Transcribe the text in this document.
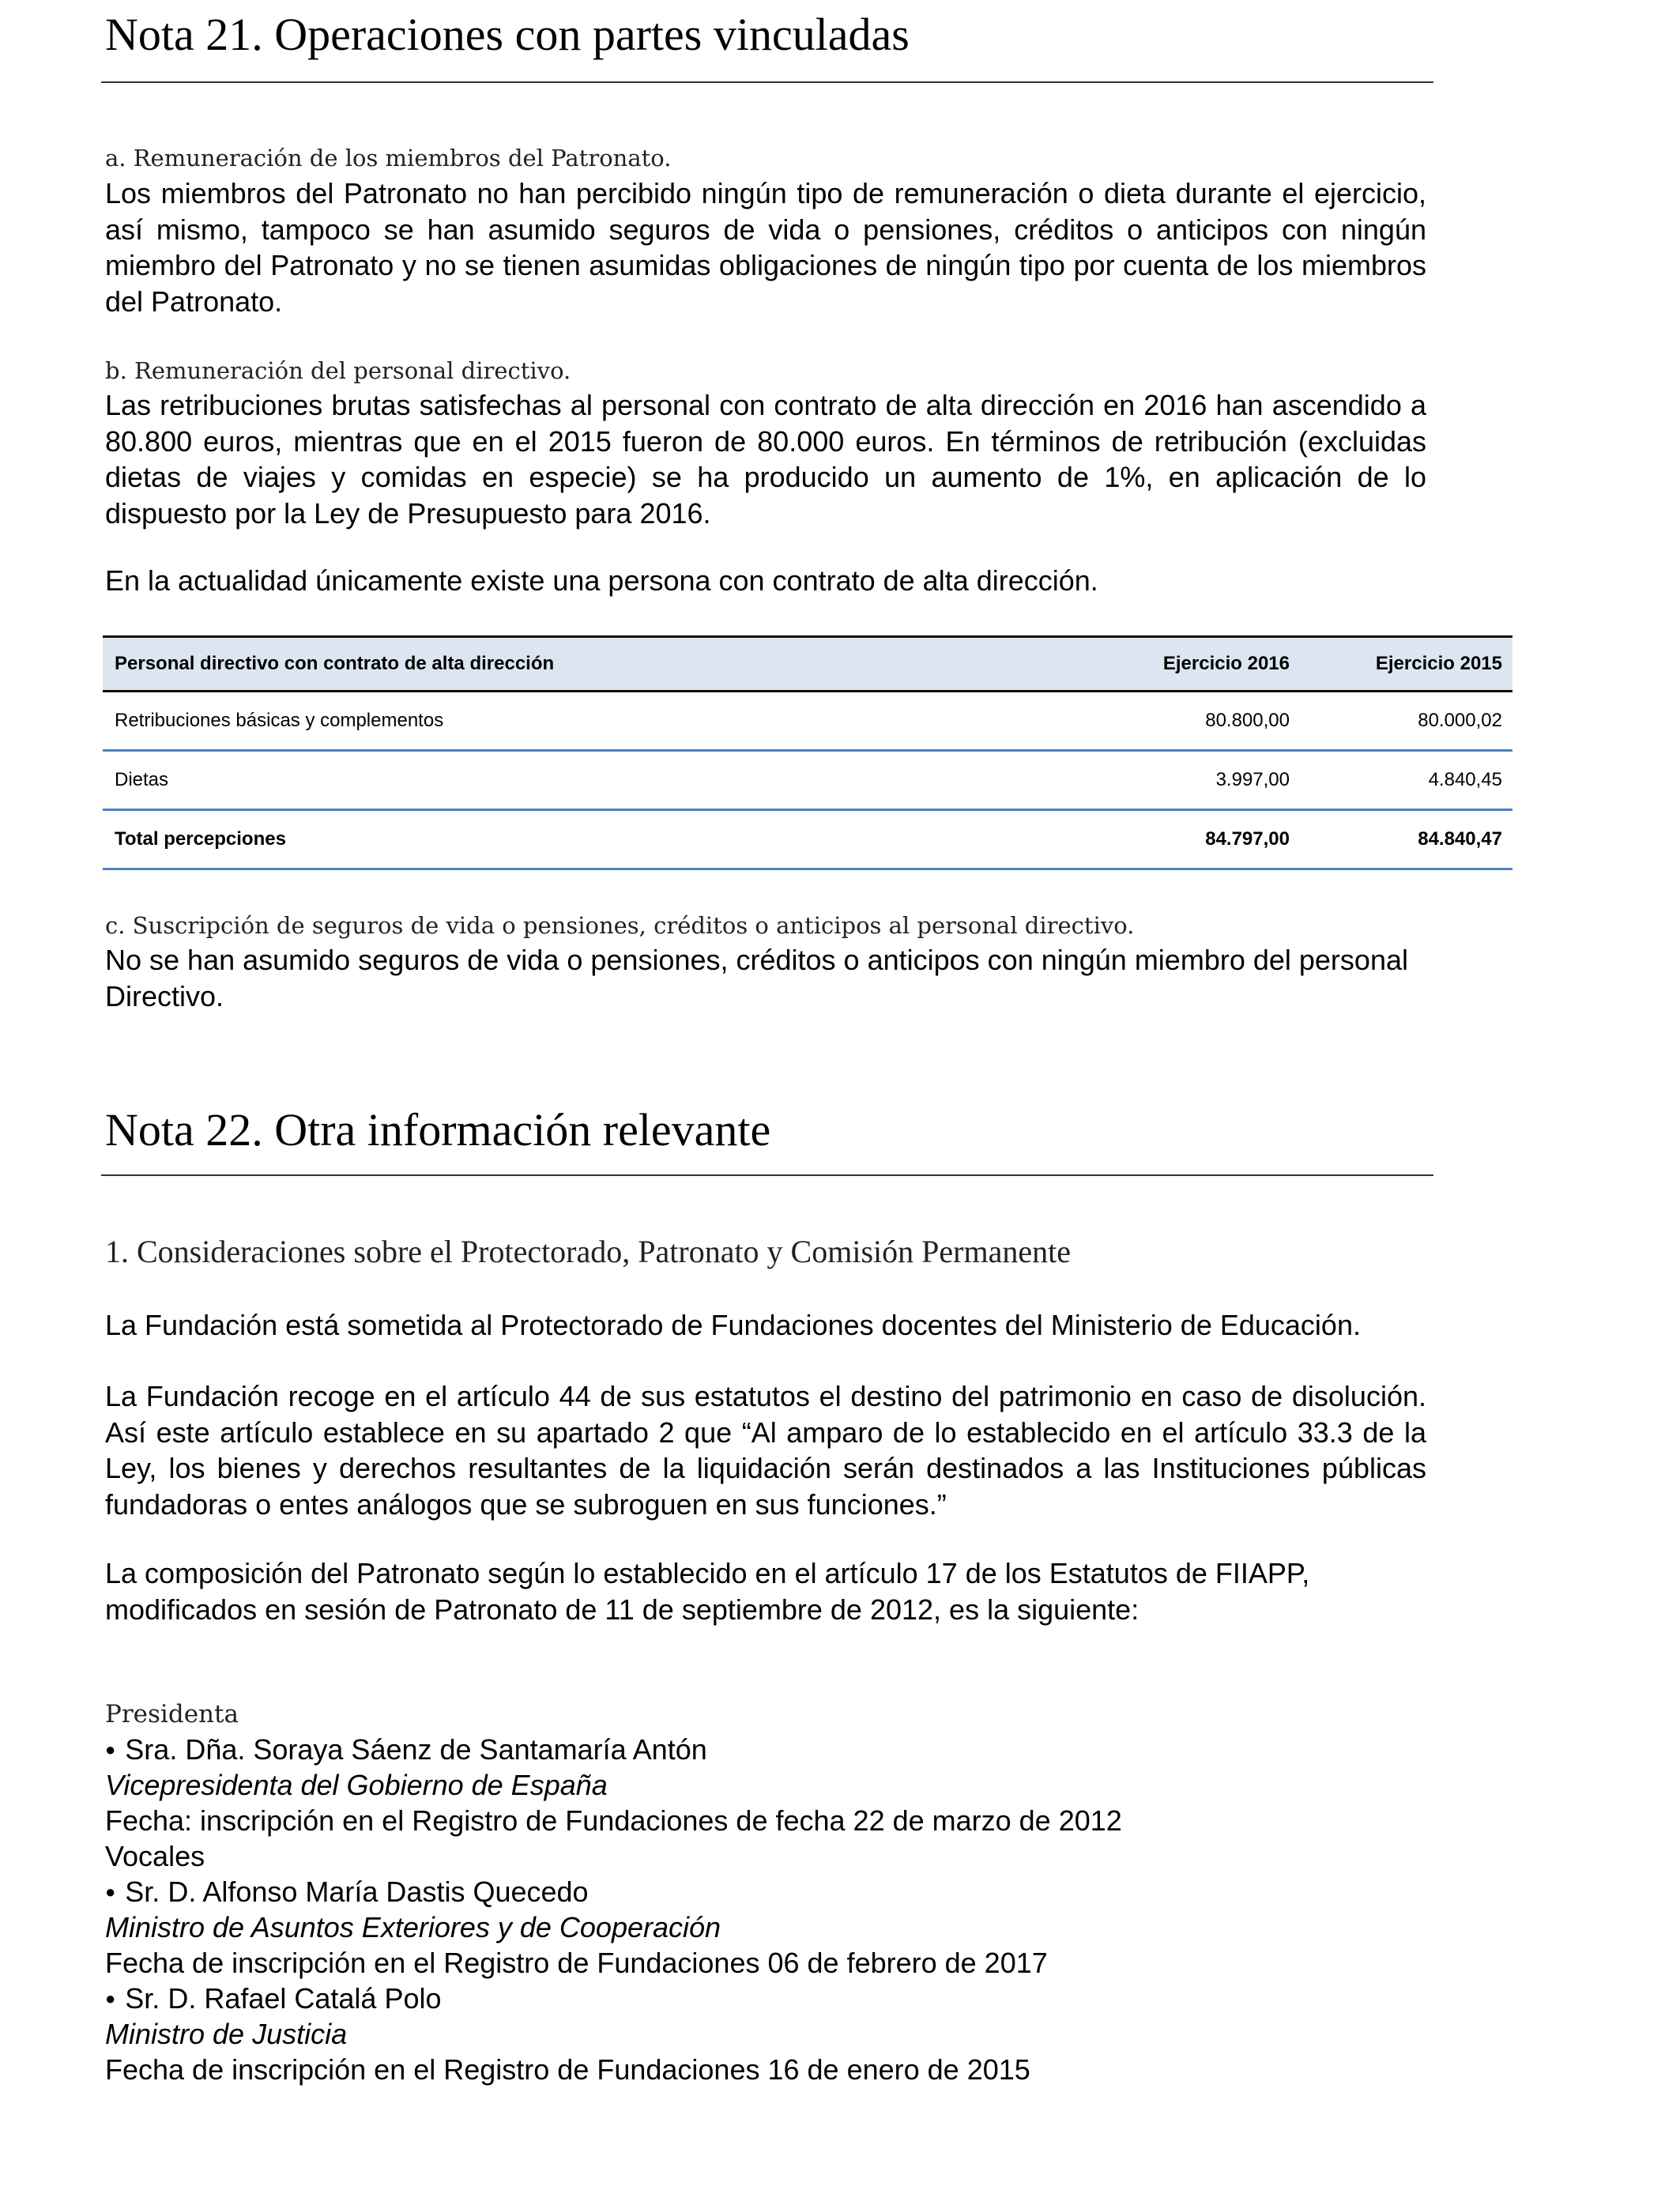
Nota 21. Operaciones con partes vinculadas
a. Remuneración de los miembros del Patronato.

Los miembros del Patronato no han percibido ningún tipo de remuneración o dieta durante el ejercicio, así mismo, tampoco se han asumido seguros de vida o pensiones, créditos o anticipos con ningún miembro del Patronato y no se tienen asumidas obligaciones de ningún tipo por cuenta de los miembros del Patronato.

b. Remuneración del personal directivo.

Las retribuciones brutas satisfechas al personal con contrato de alta dirección en 2016 han ascendido a 80.800 euros, mientras que en el 2015 fueron de 80.000 euros. En términos de retribución (excluidas dietas de viajes y comidas en especie) se ha producido un aumento de 1%, en aplicación de lo dispuesto por la Ley de Presupuesto para 2016.

En la actualidad únicamente existe una persona con contrato de alta dirección.

Personal directivo con contrato de alta dirección	Ejercicio 2016	Ejercicio 2015
Retribuciones básicas y complementos	80.800,00	80.000,02
Dietas	3.997,00	4.840,45
Total percepciones	84.797,00	84.840,47
c. Suscripción de seguros de vida o pensiones, créditos o anticipos al personal directivo.

No se han asumido seguros de vida o pensiones, créditos o anticipos con ningún miembro del personal Directivo.

Nota 22. Otra información relevante
1. Consideraciones sobre el Protectorado, Patronato y Comisión Permanente

La Fundación está sometida al Protectorado de Fundaciones docentes del Ministerio de Educación.

La Fundación recoge en el artículo 44 de sus estatutos el destino del patrimonio en caso de disolución. Así este artículo establece en su apartado 2 que “Al amparo de lo establecido en el artículo 33.3 de la Ley, los bienes y derechos resultantes de la liquidación serán destinados a las Instituciones públicas fundadoras o entes análogos que se subroguen en sus funciones.”

La composición del Patronato según lo establecido en el artículo 17 de los Estatutos de FIIAPP, modificados en sesión de Patronato de 11 de septiembre de 2012, es la siguiente:

Presidenta
● Sra. Dña. Soraya Sáenz de Santamaría Antón
Vicepresidenta del Gobierno de España
Fecha: inscripción en el Registro de Fundaciones de fecha 22 de marzo de 2012
Vocales
● Sr. D. Alfonso María Dastis Quecedo
Ministro de Asuntos Exteriores y de Cooperación
Fecha de inscripción en el Registro de Fundaciones 06 de febrero de 2017
● Sr. D. Rafael Catalá Polo
Ministro de Justicia
Fecha de inscripción en el Registro de Fundaciones 16 de enero de 2015
